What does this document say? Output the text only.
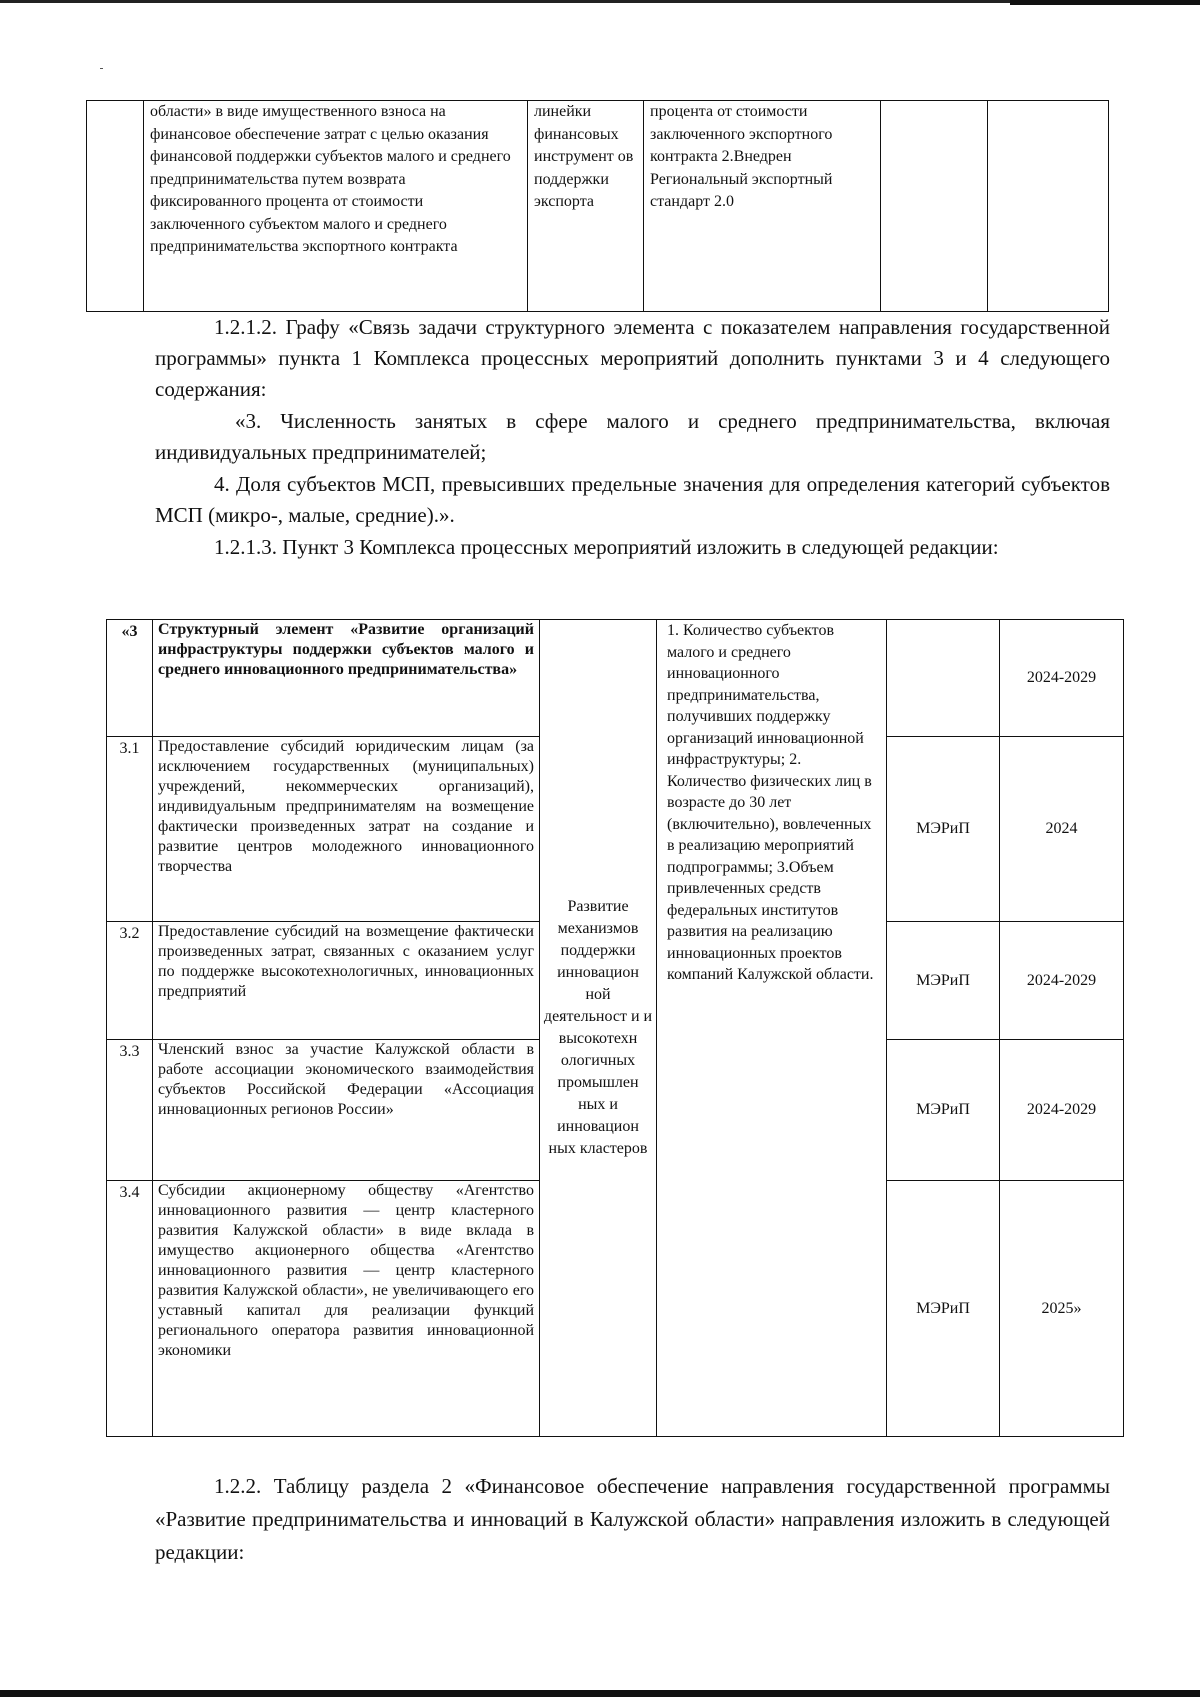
	области» в виде имущественного взноса на финансовое обеспечение затрат с целью оказания финансовой поддержки субъектов малого и среднего предпринимательства путем возврата фиксированного процента от стоимости заключенного субъектом малого и среднего предпринимательства экспортного контракта	линейки финансовых инструмент ов поддержки экспорта	процента от стоимости заключенного экспортного контракта 2.Внедрен Региональный экспортный стандарт 2.0		
1.2.1.2. Графу «Связь задачи структурного элемента с показателем направления государственной программы» пункта 1 Комплекса процессных мероприятий дополнить пунктами 3 и 4 следующего содержания:
«3. Численность занятых в сфере малого и среднего предпринимательства, включая индивидуальных предпринимателей;
4. Доля субъектов МСП, превысивших предельные значения для определения категорий субъектов МСП (микро-, малые, средние).».
1.2.1.3. Пункт 3 Комплекса процессных мероприятий изложить в следующей редакции:
«3	Структурный элемент «Развитие организаций инфраструктуры поддержки субъектов малого и среднего инновационного предпринимательства»	Развитие механизмов поддержки инновацион ной деятельност и и высокотехн ологичных промышлен ных и инновацион ных кластеров	1. Количество субъектов малого и среднего инновационного предпринимательства, получивших поддержку организаций инновационной инфраструктуры; 2. Количество физических лиц в возрасте до 30 лет (включительно), вовлеченных в реализацию мероприятий подпрограммы; 3.Объем привлеченных средств федеральных институтов развития на реализацию инновационных проектов компаний Калужской области.		2024-2029
3.1	Предоставление субсидий юридическим лицам (за исключением государственных (муниципальных) учреждений, некоммерческих организаций), индивидуальным предпринимателям на возмещение фактически произведенных затрат на создание и развитие центров молодежного инновационного творчества			МЭРиП	2024
3.2	Предоставление субсидий на возмещение фактически произведенных затрат, связанных с оказанием услуг по поддержке высокотехнологичных, инновационных предприятий			МЭРиП	2024-2029
3.3	Членский взнос за участие Калужской области в работе ассоциации экономического взаимодействия субъектов Российской Федерации «Ассоциация инновационных регионов России»			МЭРиП	2024-2029
3.4	Субсидии акционерному обществу «Агентство инновационного развития — центр кластерного развития Калужской области» в виде вклада в имущество акционерного общества «Агентство инновационного развития — центр кластерного развития Калужской области», не увеличивающего его уставный капитал для реализации функций регионального оператора развития инновационной экономики			МЭРиП	2025»
1.2.2. Таблицу раздела 2 «Финансовое обеспечение направления государственной программы «Развитие предпринимательства и инноваций в Калужской области» направления изложить в следующей редакции:
